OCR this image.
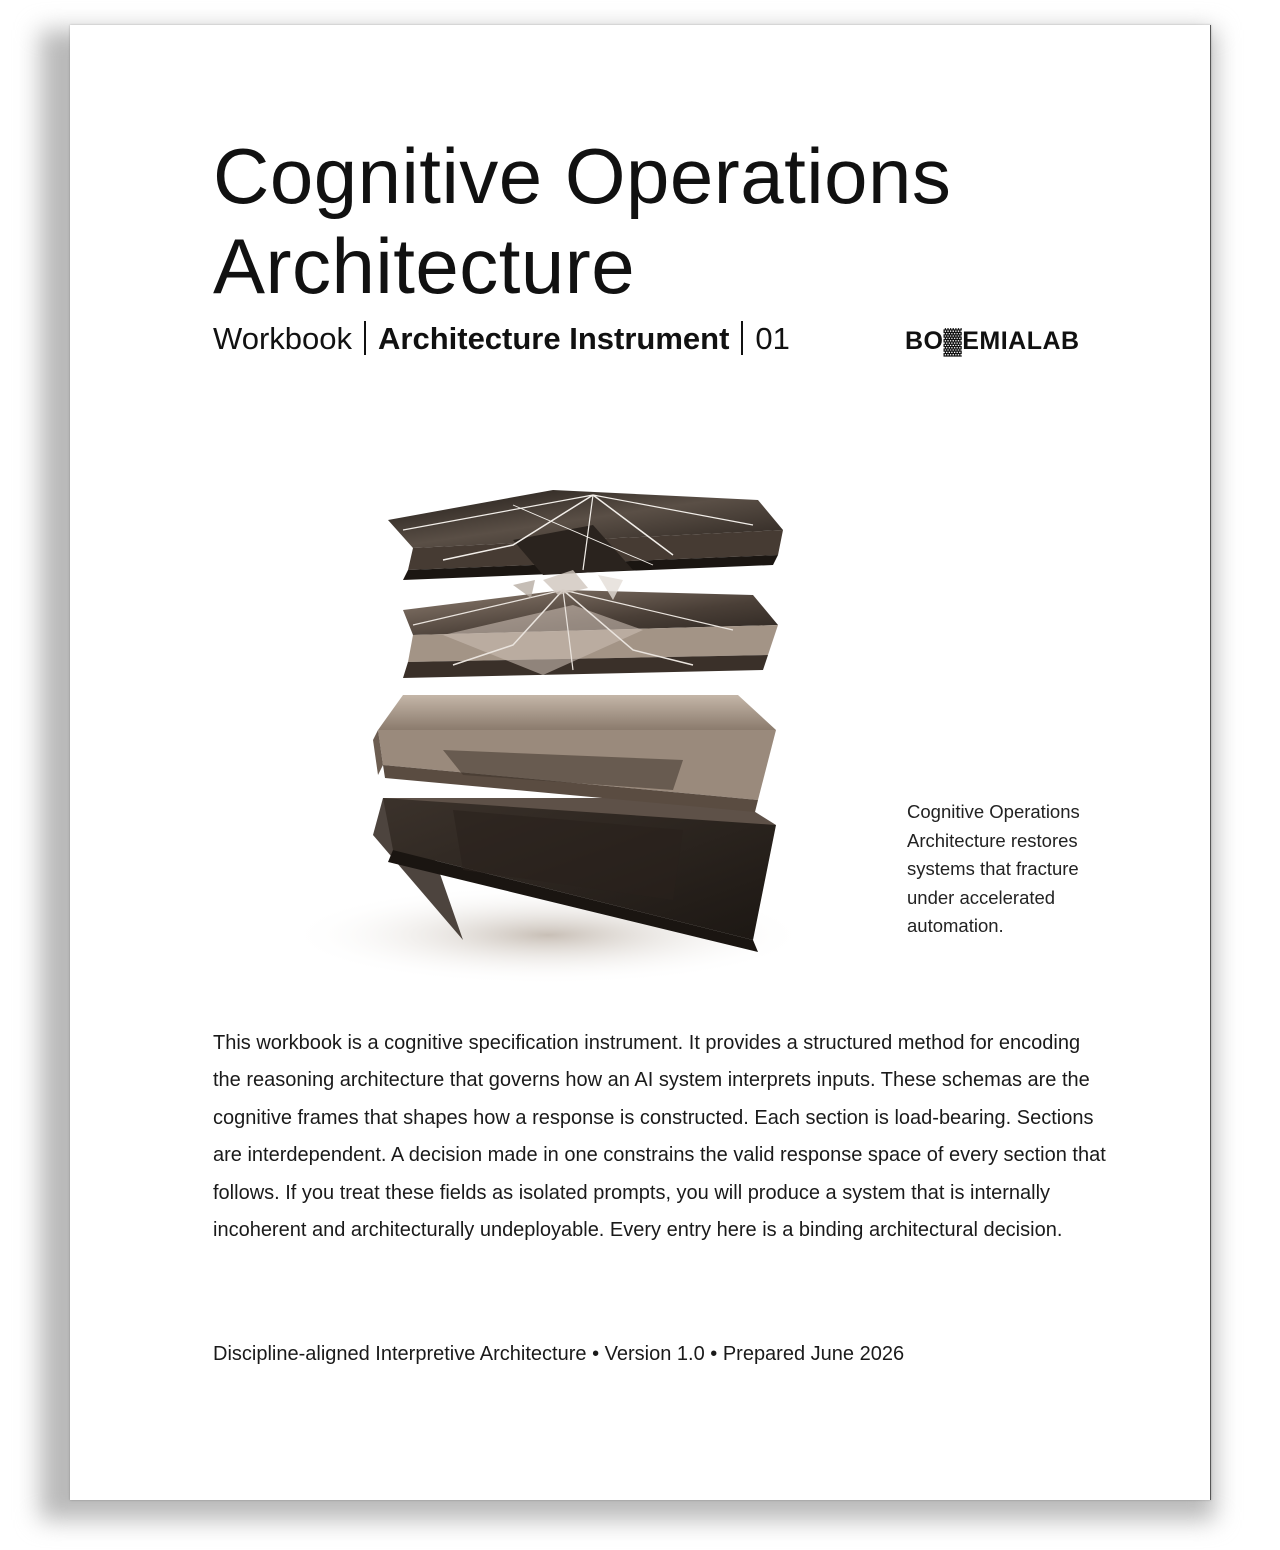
Cognitive Operations Architecture
Workbook Architecture Instrument 01	BO▓EMIALAB
Cognitive Operations Architecture restores systems that fracture under accelerated automation.

This workbook is a cognitive specification instrument. It provides a structured method for encoding the reasoning architecture that governs how an AI system interprets inputs. These schemas are the cognitive frames that shapes how a response is constructed. Each section is load-bearing. Sections are interdependent. A decision made in one constrains the valid response space of every section that follows. If you treat these fields as isolated prompts, you will produce a system that is internally incoherent and architecturally undeployable. Every entry here is a binding architectural decision.

Discipline-aligned Interpretive Architecture • Version 1.0 • Prepared June 2026
